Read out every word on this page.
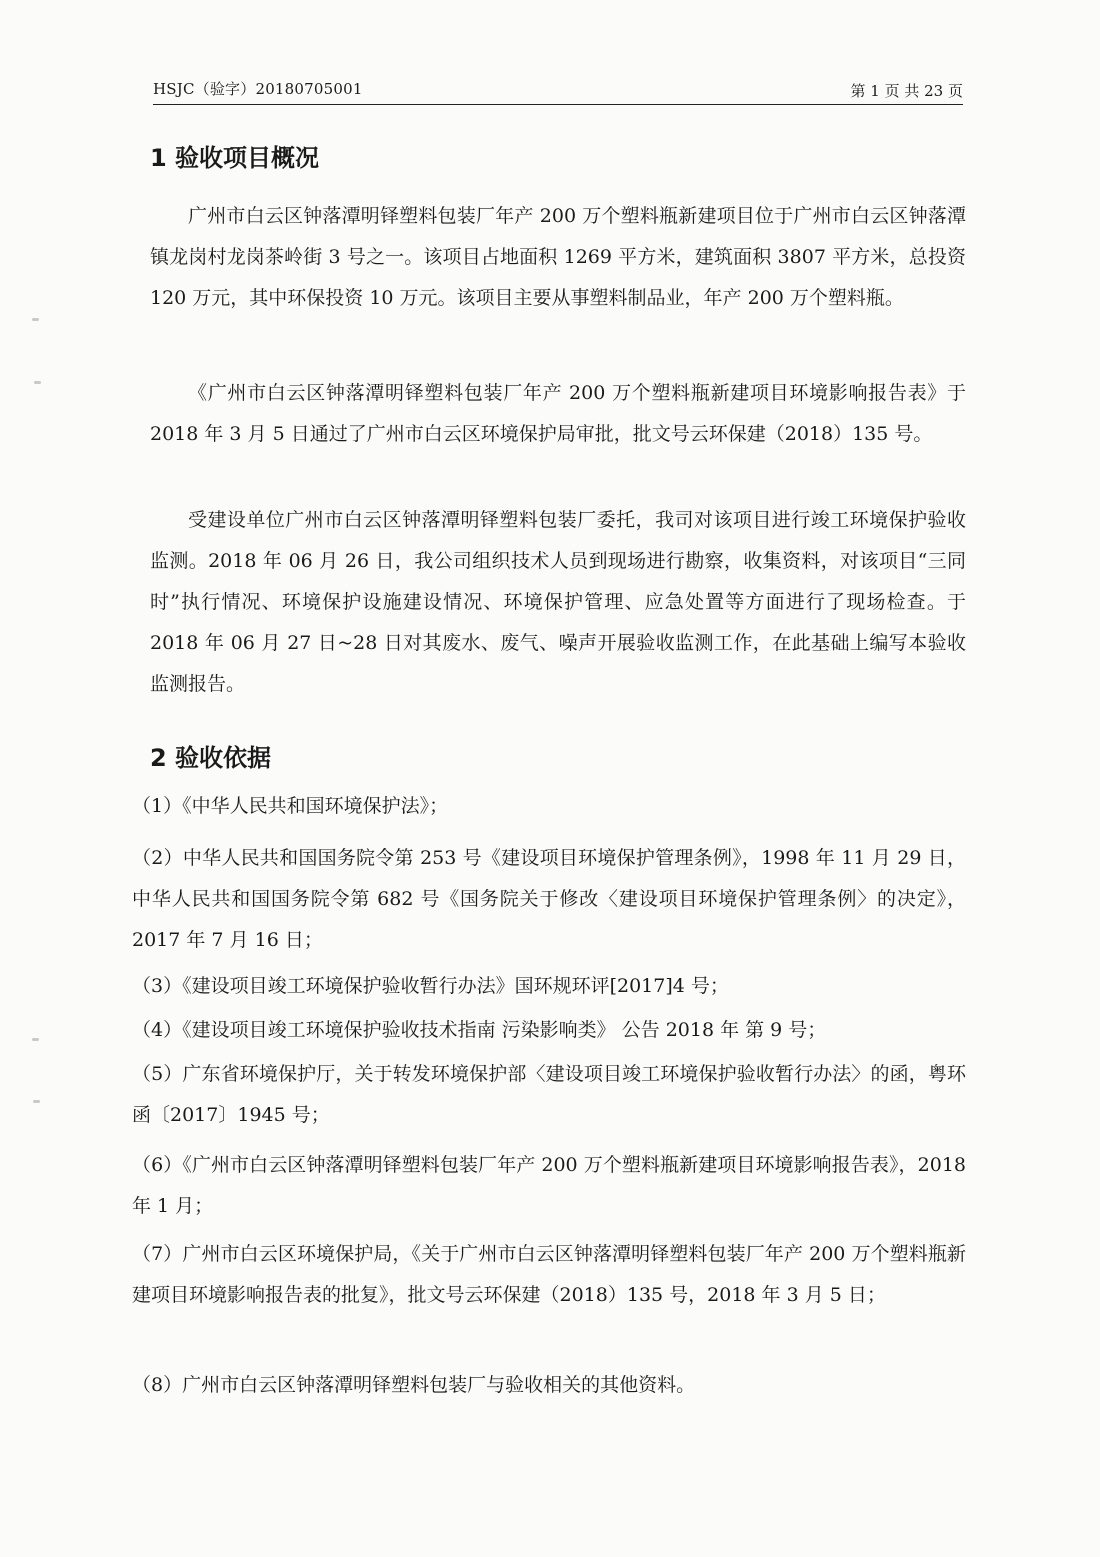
HSJC（验字）20180705001	第 1 页 共 23 页
1 验收项目概况

广州市白云区钟落潭明铎塑料包装厂年产 200 万个塑料瓶新建项目位于广州市白云区钟落潭镇龙岗村龙岗茶岭街 3 号之一。该项目占地面积 1269 平方米，建筑面积 3807 平方米，总投资 120 万元，其中环保投资 10 万元。该项目主要从事塑料制品业，年产 200 万个塑料瓶。

《广州市白云区钟落潭明铎塑料包装厂年产 200 万个塑料瓶新建项目环境影响报告表》于 2018 年 3 月 5 日通过了广州市白云区环境保护局审批，批文号云环保建（2018）135 号。

受建设单位广州市白云区钟落潭明铎塑料包装厂委托，我司对该项目进行竣工环境保护验收监测。2018 年 06 月 26 日，我公司组织技术人员到现场进行勘察，收集资料，对该项目“三同时”执行情况、环境保护设施建设情况、环境保护管理、应急处置等方面进行了现场检查。于 2018 年 06 月 27 日~28 日对其废水、废气、噪声开展验收监测工作，在此基础上编写本验收监测报告。

2 验收依据

（1）《中华人民共和国环境保护法》；

（2）中华人民共和国国务院令第 253 号《建设项目环境保护管理条例》，1998 年 11 月 29 日，中华人民共和国国务院令第 682 号《国务院关于修改〈建设项目环境保护管理条例〉的决定》，2017 年 7 月 16 日；

（3）《建设项目竣工环境保护验收暂行办法》国环规环评[2017]4 号；

（4）《建设项目竣工环境保护验收技术指南 污染影响类》 公告 2018 年 第 9 号；

（5）广东省环境保护厅，关于转发环境保护部〈建设项目竣工环境保护验收暂行办法〉的函，粤环函〔2017〕1945 号；

（6）《广州市白云区钟落潭明铎塑料包装厂年产 200 万个塑料瓶新建项目环境影响报告表》，2018 年 1 月；

（7）广州市白云区环境保护局，《关于广州市白云区钟落潭明铎塑料包装厂年产 200 万个塑料瓶新建项目环境影响报告表的批复》，批文号云环保建（2018）135 号，2018 年 3 月 5 日；

（8）广州市白云区钟落潭明铎塑料包装厂与验收相关的其他资料。
